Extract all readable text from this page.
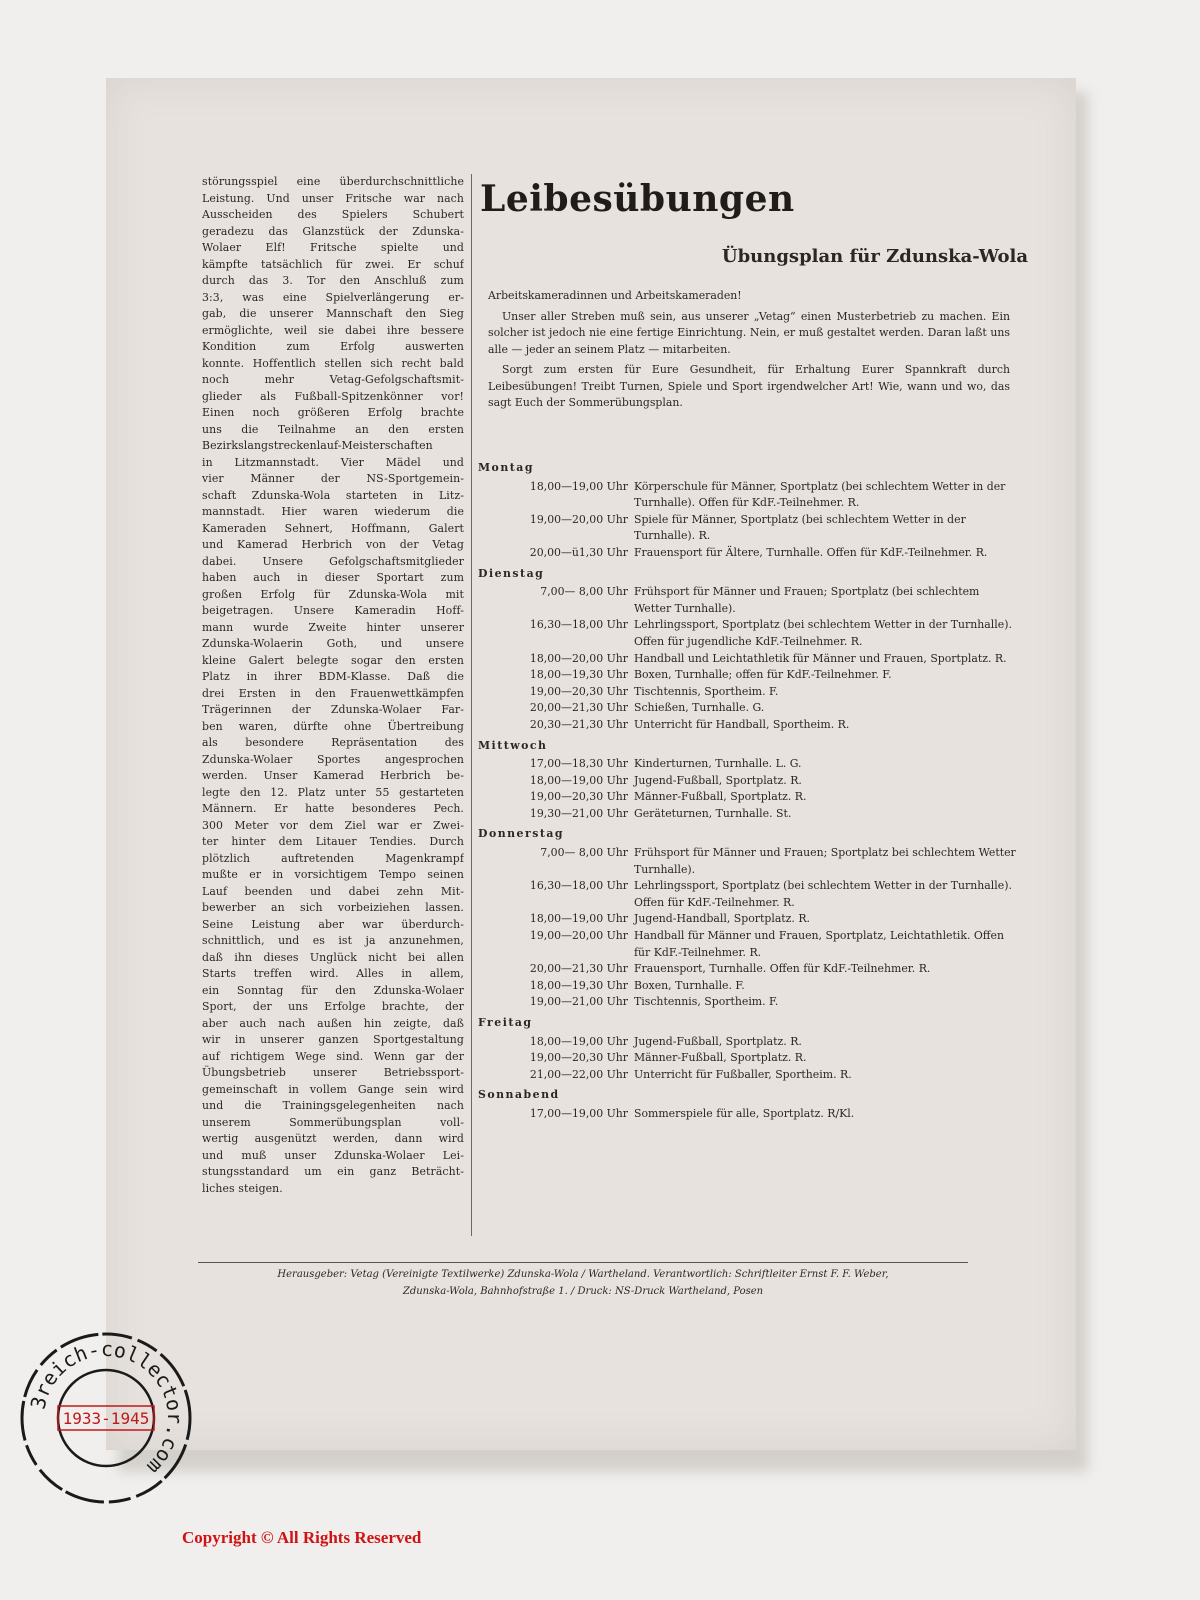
störungsspiel eine überdurchschnittliche
Leistung. Und unser Fritsche war nach
Ausscheiden des Spielers Schubert
geradezu das Glanzstück der Zdunska-
Wolaer Elf! Fritsche spielte und
kämpfte tatsächlich für zwei. Er schuf
durch das 3. Tor den Anschluß zum
3:3, was eine Spielverlängerung er-
gab, die unserer Mannschaft den Sieg
ermöglichte, weil sie dabei ihre bessere
Kondition zum Erfolg auswerten
konnte. Hoffentlich stellen sich recht bald
noch mehr Vetag-Gefolgschaftsmit-
glieder als Fußball-Spitzenkönner vor!
Einen noch größeren Erfolg brachte
uns die Teilnahme an den ersten
Bezirkslangstreckenlauf-Meisterschaften
in Litzmannstadt. Vier Mädel und
vier Männer der NS-Sportgemein-
schaft Zdunska-Wola starteten in Litz-
mannstadt. Hier waren wiederum die
Kameraden Sehnert, Hoffmann, Galert
und Kamerad Herbrich von der Vetag
dabei. Unsere Gefolgschaftsmitglieder
haben auch in dieser Sportart zum
großen Erfolg für Zdunska-Wola mit
beigetragen. Unsere Kameradin Hoff-
mann wurde Zweite hinter unserer
Zdunska-Wolaerin Goth, und unsere
kleine Galert belegte sogar den ersten
Platz in ihrer BDM-Klasse. Daß die
drei Ersten in den Frauenwettkämpfen
Trägerinnen der Zdunska-Wolaer Far-
ben waren, dürfte ohne Übertreibung
als besondere Repräsentation des
Zdunska-Wolaer Sportes angesprochen
werden. Unser Kamerad Herbrich be-
legte den 12. Platz unter 55 gestarteten
Männern. Er hatte besonderes Pech.
300 Meter vor dem Ziel war er Zwei-
ter hinter dem Litauer Tendies. Durch
plötzlich auftretenden Magenkrampf
mußte er in vorsichtigem Tempo seinen
Lauf beenden und dabei zehn Mit-
bewerber an sich vorbeiziehen lassen.
Seine Leistung aber war überdurch-
schnittlich, und es ist ja anzunehmen,
daß ihn dieses Unglück nicht bei allen
Starts treffen wird. Alles in allem,
ein Sonntag für den Zdunska-Wolaer
Sport, der uns Erfolge brachte, der
aber auch nach außen hin zeigte, daß
wir in unserer ganzen Sportgestaltung
auf richtigem Wege sind. Wenn gar der
Übungsbetrieb unserer Betriebssport-
gemeinschaft in vollem Gange sein wird
und die Trainingsgelegenheiten nach
unserem Sommerübungsplan voll-
wertig ausgenützt werden, dann wird
und muß unser Zdunska-Wolaer Lei-
stungsstandard um ein ganz Beträcht-
liches steigen.
Leibesübungen
Übungsplan für Zdunska-Wola

Arbeitskameradinnen und Arbeitskameraden!

Unser aller Streben muß sein, aus unserer „Vetag“ einen Musterbetrieb zu machen. Ein solcher ist jedoch nie eine fertige Einrichtung. Nein, er muß gestaltet werden. Daran laßt uns alle — jeder an seinem Platz — mitarbeiten.

Sorgt zum ersten für Eure Gesundheit, für Erhaltung Eurer Spannkraft durch Leibesübungen! Treibt Turnen, Spiele und Sport irgendwelcher Art! Wie, wann und wo, das sagt Euch der Sommerübungsplan.

Montag
18,00—19,00 Uhr Körperschule für Männer, Sportplatz (bei schlechtem Wetter in der Turnhalle). Offen für KdF.-Teilnehmer. R.
19,00—20,00 Uhr Spiele für Männer, Sportplatz (bei schlechtem Wetter in der Turnhalle). R.
20,00—ü1,30 Uhr Frauensport für Ältere, Turnhalle. Offen für KdF.-Teilnehmer. R.
Dienstag
7,00— 8,00 Uhr Frühsport für Männer und Frauen; Sportplatz (bei schlechtem Wetter Turnhalle).
16,30—18,00 Uhr Lehrlingssport, Sportplatz (bei schlechtem Wetter in der Turnhalle). Offen für jugendliche KdF.-Teilnehmer. R.
18,00—20,00 Uhr Handball und Leichtathletik für Männer und Frauen, Sportplatz. R.
18,00—19,30 Uhr Boxen, Turnhalle; offen für KdF.-Teilnehmer. F.
19,00—20,30 Uhr Tischtennis, Sportheim. F.
20,00—21,30 Uhr Schießen, Turnhalle. G.
20,30—21,30 Uhr Unterricht für Handball, Sportheim. R.
Mittwoch
17,00—18,30 Uhr Kinderturnen, Turnhalle. L. G.
18,00—19,00 Uhr Jugend-Fußball, Sportplatz. R.
19,00—20,30 Uhr Männer-Fußball, Sportplatz. R.
19,30—21,00 Uhr Geräteturnen, Turnhalle. St.
Donnerstag
7,00— 8,00 Uhr Frühsport für Männer und Frauen; Sportplatz bei schlechtem Wetter Turnhalle).
16,30—18,00 Uhr Lehrlingssport, Sportplatz (bei schlechtem Wetter in der Turnhalle). Offen für KdF.-Teilnehmer. R.
18,00—19,00 Uhr Jugend-Handball, Sportplatz. R.
19,00—20,00 Uhr Handball für Männer und Frauen, Sportplatz, Leichtathletik. Offen für KdF.-Teilnehmer. R.
20,00—21,30 Uhr Frauensport, Turnhalle. Offen für KdF.-Teilnehmer. R.
18,00—19,30 Uhr Boxen, Turnhalle. F.
19,00—21,00 Uhr Tischtennis, Sportheim. F.
Freitag
18,00—19,00 Uhr Jugend-Fußball, Sportplatz. R.
19,00—20,30 Uhr Männer-Fußball, Sportplatz. R.
21,00—22,00 Uhr Unterricht für Fußballer, Sportheim. R.
Sonnabend
17,00—19,00 Uhr Sommerspiele für alle, Sportplatz. R/Kl.
Herausgeber: Vetag (Vereinigte Textilwerke) Zdunska-Wola / Wartheland. Verantwortlich: Schriftleiter Ernst F. F. Weber,
Zdunska-Wola, Bahnhofstraße 1. / Druck: NS-Druck Wartheland, Posen
3reich-collector.com
1933-1945
Copyright © All Rights Reserved
